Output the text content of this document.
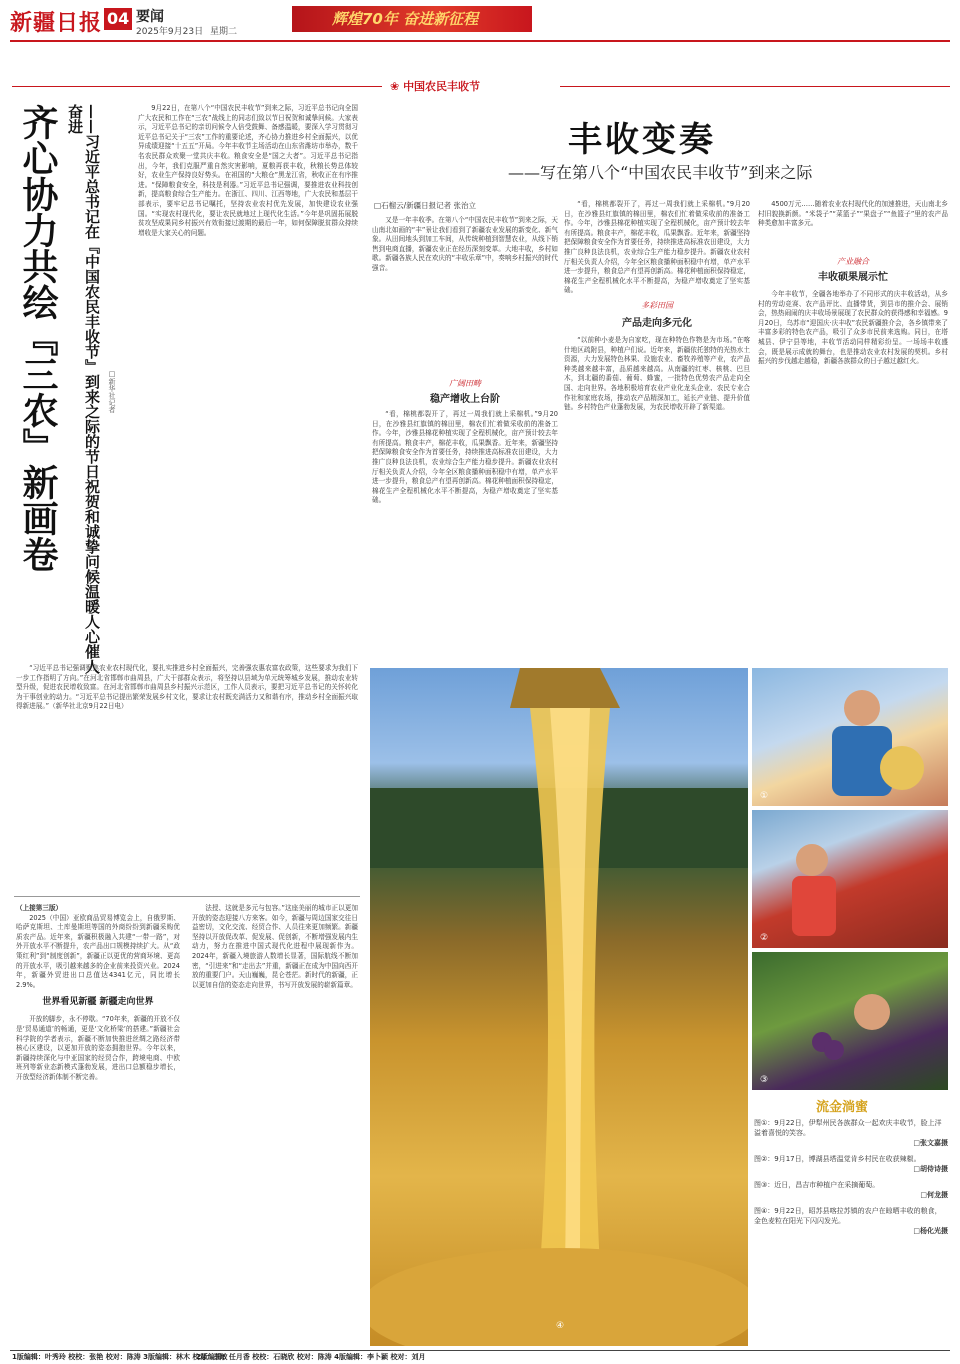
新疆日报 04 要闻
2025年9月23日 星期二
辉煌70年 奋进新征程
❀ 中国农民丰收节
齐心协力共绘『三农』新画卷	——习近平总书记在『中国农民丰收节』到来之际的节日祝贺和诚挚问候温暖人心催人奋进
□新华社记者

9月22日，在第八个“中国农民丰收节”到来之际，习近平总书记向全国广大农民和工作在“三农”战线上的同志们致以节日祝贺和诚挚问候。大家表示，习近平总书记的亲切问候令人倍受鼓舞、备感温暖，要深入学习贯彻习近平总书记关于“三农”工作的重要论述，齐心协力推进乡村全面振兴，以优异成绩迎接“十五五”开局。今年丰收节主场活动在山东省潍坊市举办，数千名农民群众欢聚一堂共庆丰收。粮食安全是“国之大者”。习近平总书记指出，今年，我们克服严重自然灾害影响，夏粮再获丰收，秋粮长势总体较好，农业生产保持良好势头。在祖国的“大粮仓”黑龙江省，秋收正在有序推进。“保障粮食安全，科技是利器。”习近平总书记强调，要推进农业科技创新，提高粮食综合生产能力。在浙江、四川、江西等地，广大农民和基层干部表示，要牢记总书记嘱托，坚持农业农村优先发展，加快建设农业强国。“实现农村现代化，要让农民就地过上现代化生活。”今年是巩固拓展脱贫攻坚成果同乡村振兴有效衔接过渡期的最后一年，如何保障脱贫群众持续增收是大家关心的问题。

“习近平总书记强调聚焦农业农村现代化，要扎实推进乡村全面振兴，完善强农惠农富农政策，这些要求为我们下一步工作指明了方向。”在河北省邯郸市曲周县，广大干部群众表示，将坚持以县域为单元统筹城乡发展，推动农业转型升级，促进农民增收致富。在河北省邯郸市曲周县乡村振兴示范区，工作人员表示，要把习近平总书记的关怀转化为干事创业的动力。“习近平总书记提出繁荣发展乡村文化，要求让农村既充满活力又和谐有序，推动乡村全面振兴取得新进展。”（新华社北京9月22日电）

（上接第三版）

2025（中国）亚欧商品贸易博览会上，自俄罗斯、哈萨克斯坦、土库曼斯坦等国的外商纷纷到新疆采购优质农产品。近年来，新疆积极融入共建“一带一路”，对外开放水平不断提升，农产品出口规模持续扩大。从“政策红利”到“制度创新”，新疆正以更优的营商环境、更高的开放水平，吸引越来越多的企业前来投资兴业。2024年，新疆外贸进出口总值达4341亿元，同比增长2.9%。

世界看见新疆 新疆走向世界

开放的脚步，永不停歇。“70年来，新疆的开放不仅是‘贸易通道’的畅通，更是‘文化桥梁’的搭建。”新疆社会科学院的学者表示，新疆不断加快推进丝绸之路经济带核心区建设，以更加开放的姿态拥抱世界。今年以来，新疆持续深化与中亚国家的经贸合作，跨境电商、中欧班列等新业态新模式蓬勃发展，进出口总额稳步增长，开放型经济新体制不断完善。

法授、这就是多元与包容。”这座美丽的城市正以更加开放的姿态迎接八方来客。如今，新疆与周边国家交往日益密切，文化交流、经贸合作、人员往来更加频繁。新疆坚持以开放促改革、促发展、促创新，不断增强发展内生动力，努力在推进中国式现代化进程中展现新作为。2024年，新疆入境旅游人数增长显著，国际航线不断加密，“引进来”和“走出去”并重，新疆正在成为中国向西开放的重要门户。天山巍巍，昆仑苍茫。新时代的新疆，正以更加自信的姿态走向世界，书写开放发展的崭新篇章。

丰收变奏
——写在第八个“中国农民丰收节”到来之际
□石榴云/新疆日报记者 张治立

又是一年丰收季。在第八个“中国农民丰收节”到来之际，天山南北如画的“丰”景让我们看到了新疆农业发展的新变化、新气象。从田间地头到加工车间，从传统种植到智慧农业，从线下销售到电商直播，新疆农业正在经历深刻变革。大地丰收，乡村如歌。新疆各族人民在欢庆的“丰收乐章”中，奏响乡村振兴的时代强音。

广阔田畴
稳产增收上台阶

“看，棉桃都裂开了，再过一周我们就上采棉机。”9月20日，在沙雅县红旗镇的棉田里，棉农们忙着做采收前的准备工作。今年，沙雅县棉花种植实现了全程机械化，亩产预计较去年有所提高。粮食丰产，棉花丰收，瓜果飘香。近年来，新疆坚持把保障粮食安全作为首要任务，持续推进高标准农田建设，大力推广良种良法良机，农业综合生产能力稳步提升。新疆农业农村厅相关负责人介绍，今年全区粮食播种面积稳中有增，单产水平进一步提升，粮食总产有望再创新高。棉花种植面积保持稳定，棉花生产全程机械化水平不断提高，为稳产增收奠定了坚实基础。

“看，棉桃都裂开了，再过一周我们就上采棉机。”9月20日，在沙雅县红旗镇的棉田里，棉农们忙着做采收前的准备工作。今年，沙雅县棉花种植实现了全程机械化，亩产预计较去年有所提高。粮食丰产，棉花丰收，瓜果飘香。近年来，新疆坚持把保障粮食安全作为首要任务，持续推进高标准农田建设，大力推广良种良法良机，农业综合生产能力稳步提升。新疆农业农村厅相关负责人介绍，今年全区粮食播种面积稳中有增，单产水平进一步提升，粮食总产有望再创新高。棉花种植面积保持稳定，棉花生产全程机械化水平不断提高，为稳产增收奠定了坚实基础。

多彩田园
产品走向多元化

“以前种小麦是为自家吃，现在种特色作物是为市场。”在喀什地区疏附县，种植户们说。近年来，新疆依托独特的光热水土资源，大力发展特色林果、设施农业、畜牧养殖等产业，农产品种类越来越丰富，品质越来越高。从南疆的红枣、核桃、巴旦木，到北疆的番茄、葡萄、蜂蜜，一批特色优势农产品走向全国、走向世界。各地积极培育农业产业化龙头企业、农民专业合作社和家庭农场，推动农产品精深加工，延长产业链、提升价值链。乡村特色产业蓬勃发展，为农民增收开辟了新渠道。

4500万元……随着农业农村现代化的加速推进，天山南北乡村旧貌换新颜。“米袋子”“菜篮子”“果盘子”“鱼篮子”里的农产品种类愈加丰富多元。

产业融合
丰收硕果展示忙

今年丰收节，全疆各地举办了不同形式的庆丰收活动，从乡村的劳动竞赛、农产品评比、直播带货，到县市的推介会、展销会，热热闹闹的庆丰收场景展现了农民群众的获得感和幸福感。9月20日，乌苏市“迎国庆·庆丰收”农民新疆推介会，各乡镇带来了丰富多彩的特色农产品，吸引了众多市民前来选购。同日，在塔城县、伊宁县等地，丰收节活动同样精彩纷呈。一场场丰收盛会，既是展示成就的舞台，也是推动农业农村发展的契机。乡村振兴的步伐越走越稳，新疆各族群众的日子越过越红火。

④
①
②
③
流金淌蜜
图①：9月22日，伊犁州民各族群众一起欢庆丰收节，脸上洋溢着喜悦的笑容。
□张文嘉摄
图②：9月17日，博湖县塔温觉肯乡村民在收获辣椒。
□胡侍诗摄
图③：近日，昌吉市种植户在采摘葡萄。
□何龙摄
图④：9月22日，昭苏县喀拉苏镇的农户在晾晒丰收的粮食，金色麦粒在阳光下闪闪发光。
□杨化光摄
1版编辑：叶秀玲 校校：张艳 校对：陈涛 3版编辑：林木 校对：王敏
2版编辑：任月香 校校：石晓欣 校对：陈涛 4版编辑：李卜颖 校对：刘月
